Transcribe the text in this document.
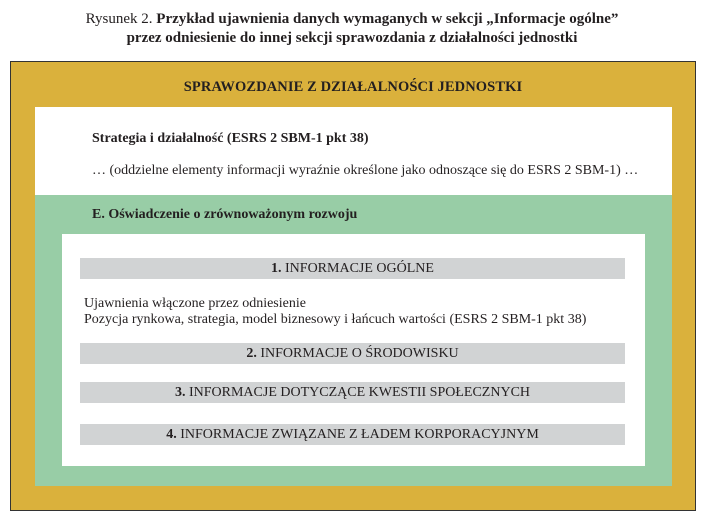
Rysunek 2. Przykład ujawnienia danych wymaganych w sekcji „Informacje ogólne”
przez odniesienie do innej sekcji sprawozdania z działalności jednostki
SPRAWOZDANIE Z DZIAŁALNOŚCI JEDNOSTKI
Strategia i działalność (ESRS 2 SBM-1 pkt 38)
… (oddzielne elementy informacji wyraźnie określone jako odnoszące się do ESRS 2 SBM-1) …
E. Oświadczenie o zrównoważonym rozwoju
1. INFORMACJE OGÓLNE
Ujawnienia włączone przez odniesienie
Pozycja rynkowa, strategia, model biznesowy i łańcuch wartości (ESRS 2 SBM-1 pkt 38)
2. INFORMACJE O ŚRODOWISKU
3. INFORMACJE DOTYCZĄCE KWESTII SPOŁECZNYCH
4. INFORMACJE ZWIĄZANE Z ŁADEM KORPORACYJNYM
